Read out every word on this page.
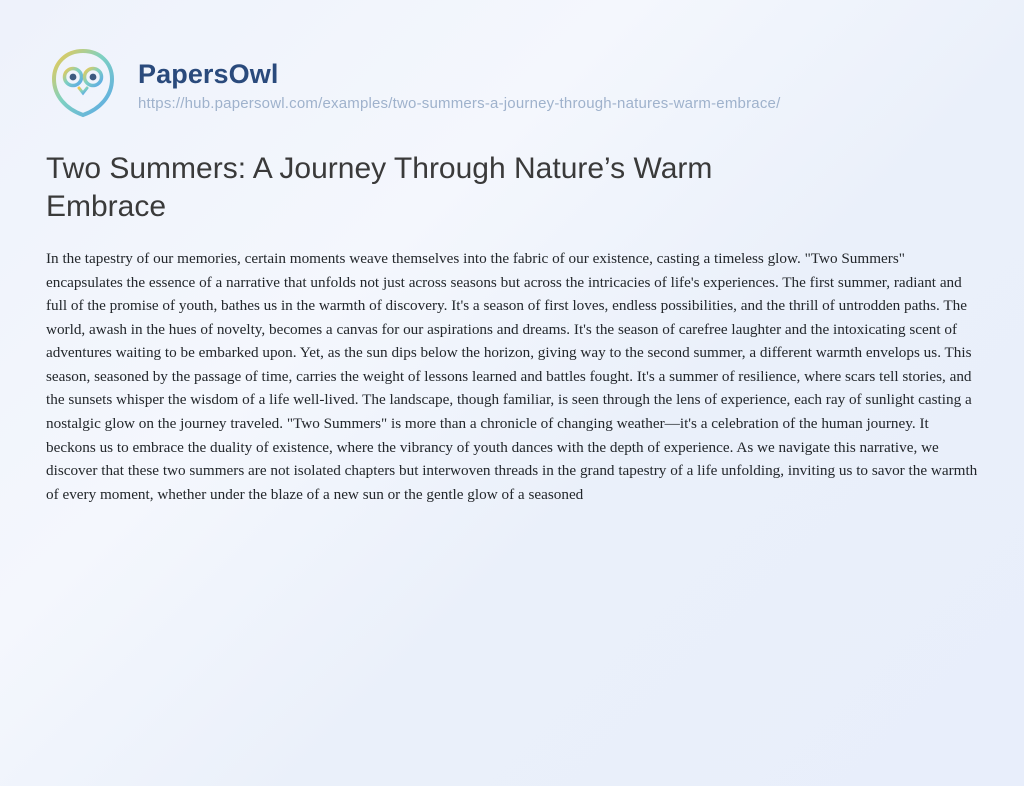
PapersOwl
https://hub.papersowl.com/examples/two-summers-a-journey-through-natures-warm-embrace/
Two Summers: A Journey Through Nature’s Warm Embrace

In the tapestry of our memories, certain moments weave themselves into the fabric of our existence, casting a timeless glow. "Two Summers" encapsulates the essence of a narrative that unfolds not just across seasons but across the intricacies of life's experiences. The first summer, radiant and full of the promise of youth, bathes us in the warmth of discovery. It's a season of first loves, endless possibilities, and the thrill of untrodden paths. The world, awash in the hues of novelty, becomes a canvas for our aspirations and dreams. It's the season of carefree laughter and the intoxicating scent of adventures waiting to be embarked upon. Yet, as the sun dips below the horizon, giving way to the second summer, a different warmth envelops us. This season, seasoned by the passage of time, carries the weight of lessons learned and battles fought. It's a summer of resilience, where scars tell stories, and the sunsets whisper the wisdom of a life well-lived. The landscape, though familiar, is seen through the lens of experience, each ray of sunlight casting a nostalgic glow on the journey traveled. "Two Summers" is more than a chronicle of changing weather—it's a celebration of the human journey. It beckons us to embrace the duality of existence, where the vibrancy of youth dances with the depth of experience. As we navigate this narrative, we discover that these two summers are not isolated chapters but interwoven threads in the grand tapestry of a life unfolding, inviting us to savor the warmth of every moment, whether under the blaze of a new sun or the gentle glow of a seasoned
